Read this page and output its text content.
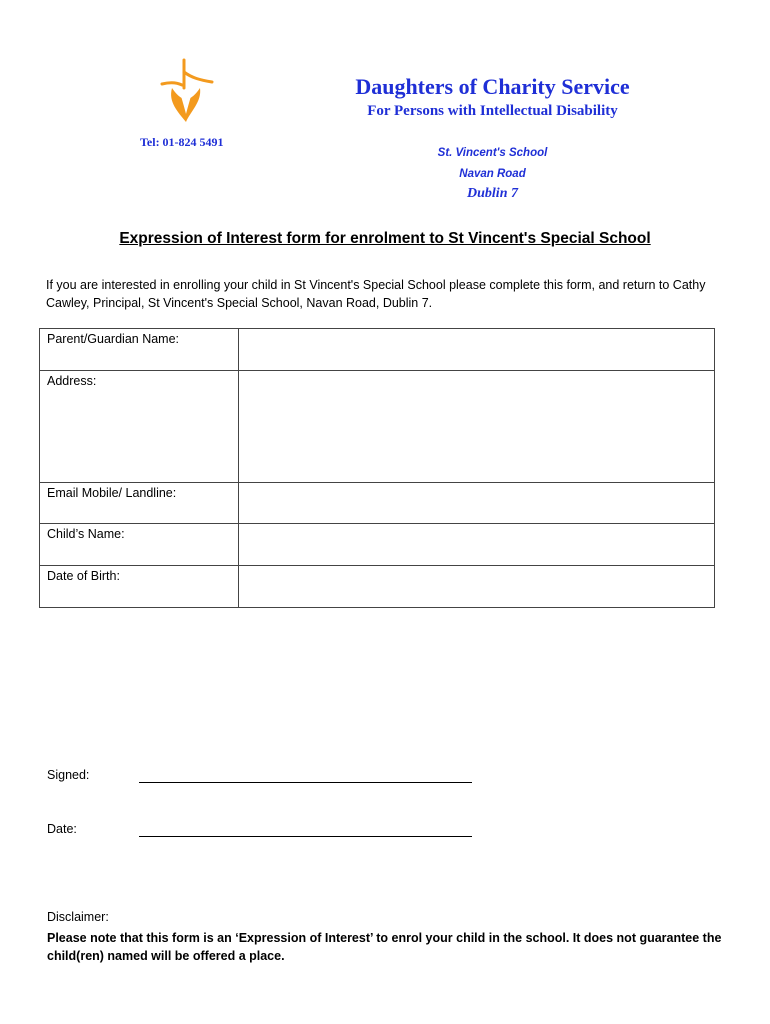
Daughters of Charity Service
For Persons with Intellectual Disability
Tel: 01-824 5491
St. Vincent's School
Navan Road
Dublin 7
Expression of Interest form for enrolment to St Vincent's Special School

If you are interested in enrolling your child in St Vincent's Special School please complete this form, and return to Cathy Cawley, Principal, St Vincent's Special School, Navan Road, Dublin 7.

Parent/Guardian Name:	
Address:	
Email Mobile/ Landline:	
Child’s Name:	
Date of Birth:	
Signed:
Date:
Disclaimer:

Please note that this form is an ‘Expression of Interest’ to enrol your child in the school. It does not guarantee the child(ren) named will be offered a place.
